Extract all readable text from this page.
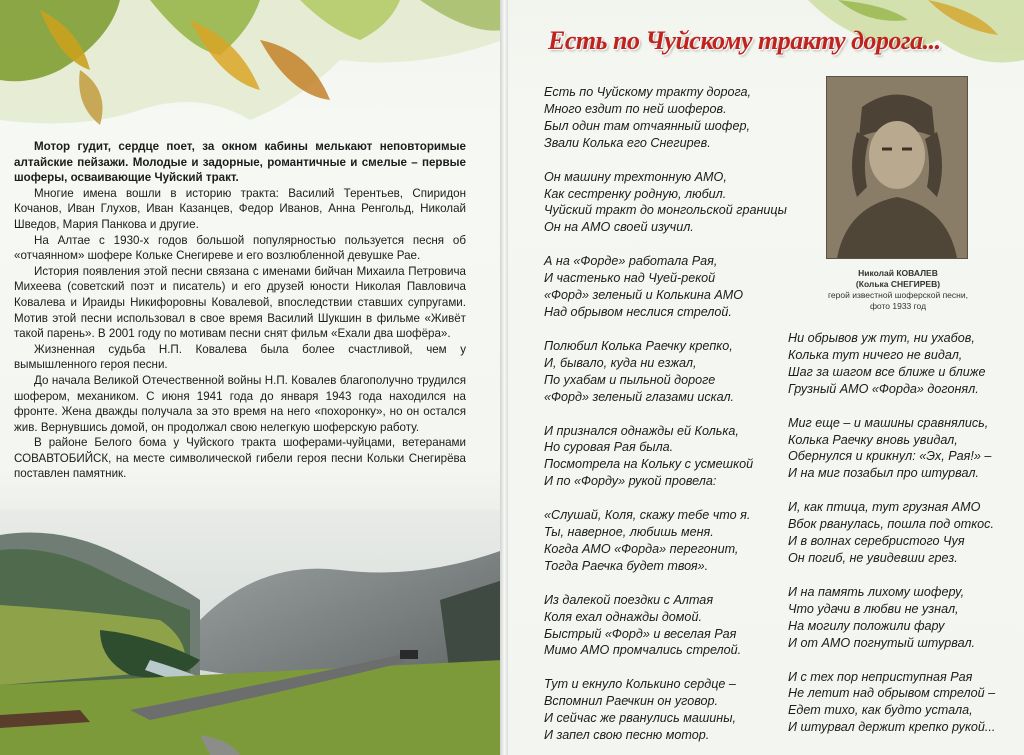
Мотор гудит, сердце поет, за окном кабины мелькают неповторимые алтайские пейзажи. Молодые и задорные, романтичные и смелые – первые шоферы, осваивающие Чуйский тракт.

Многие имена вошли в историю тракта: Василий Терентьев, Спиридон Кочанов, Иван Глухов, Иван Казанцев, Федор Иванов, Анна Ренгольд, Николай Шведов, Мария Панкова и другие.

На Алтае с 1930-х годов большой популярностью пользуется песня об «отчаянном» шофере Кольке Снегиреве и его возлюбленной девушке Рае.

История появления этой песни связана с именами бийчан Михаила Петровича Михеева (советский поэт и писатель) и его друзей юности Николая Павловича Ковалева и Ираиды Никифоровны Ковалевой, впоследствии ставших супругами. Мотив этой песни использовал в свое время Василий Шукшин в фильме «Живёт такой парень». В 2001 году по мотивам песни снят фильм «Ехали два шофёра».

Жизненная судьба Н.П. Ковалева была более счастливой, чем у вымышленного героя песни.

До начала Великой Отечественной войны Н.П. Ковалев благополучно трудился шофером, механиком. С июня 1941 года до января 1943 года находился на фронте. Жена дважды получала за это время на него «похоронку», но он остался жив. Вернувшись домой, он продолжал свою нелегкую шоферскую работу.

В районе Белого бома у Чуйского тракта шоферами-чуйцами, ветеранами СОВАВТОБИЙСК, на месте символической гибели героя песни Кольки Снегирёва поставлен памятник.

Есть по Чуйскому тракту дорога...
Есть по Чуйскому тракту дорога,
Много ездит по ней шоферов.
Был один там отчаянный шофер,
Звали Колька его Снегирев.
Он машину трехтонную АМО,
Как сестренку родную, любил.
Чуйский тракт до монгольской границы
Он на АМО своей изучил.
А на «Форде» работала Рая,
И частенько над Чуей-рекой
«Форд» зеленый и Колькина АМО
Над обрывом неслися стрелой.
Полюбил Колька Раечку крепко,
И, бывало, куда ни езжал,
По ухабам и пыльной дороге
«Форд» зеленый глазами искал.
И признался однажды ей Колька,
Но суровая Рая была.
Посмотрела на Кольку с усмешкой
И по «Форду» рукой провела:
«Слушай, Коля, скажу тебе что я.
Ты, наверное, любишь меня.
Когда АМО «Форда» перегонит,
Тогда Раечка будет твоя».
Из далекой поездки с Алтая
Коля ехал однажды домой.
Быстрый «Форд» и веселая Рая
Мимо АМО промчались стрелой.
Тут и екнуло Колькино сердце –
Вспомнил Раечкин он уговор.
И сейчас же рванулись машины,
И запел свою песню мотор.
Ни обрывов уж тут, ни ухабов,
Колька тут ничего не видал,
Шаг за шагом все ближе и ближе
Грузный АМО «Форда» догонял.
Миг еще – и машины сравнялись,
Колька Раечку вновь увидал,
Обернулся и крикнул: «Эх, Рая!» –
И на миг позабыл про штурвал.
И, как птица, тут грузная АМО
Вбок рванулась, пошла под откос.
И в волнах серебристого Чуя
Он погиб, не увидевши грез.
И на память лихому шоферу,
Что удачи в любви не узнал,
На могилу положили фару
И от АМО погнутый штурвал.
И с тех пор неприступная Рая
Не летит над обрывом стрелой –
Едет тихо, как будто устала,
И штурвал держит крепко рукой...
Николай КОВАЛЕВ
(Колька СНЕГИРЕВ)
герой известной шоферской песни,
фото 1933 год
